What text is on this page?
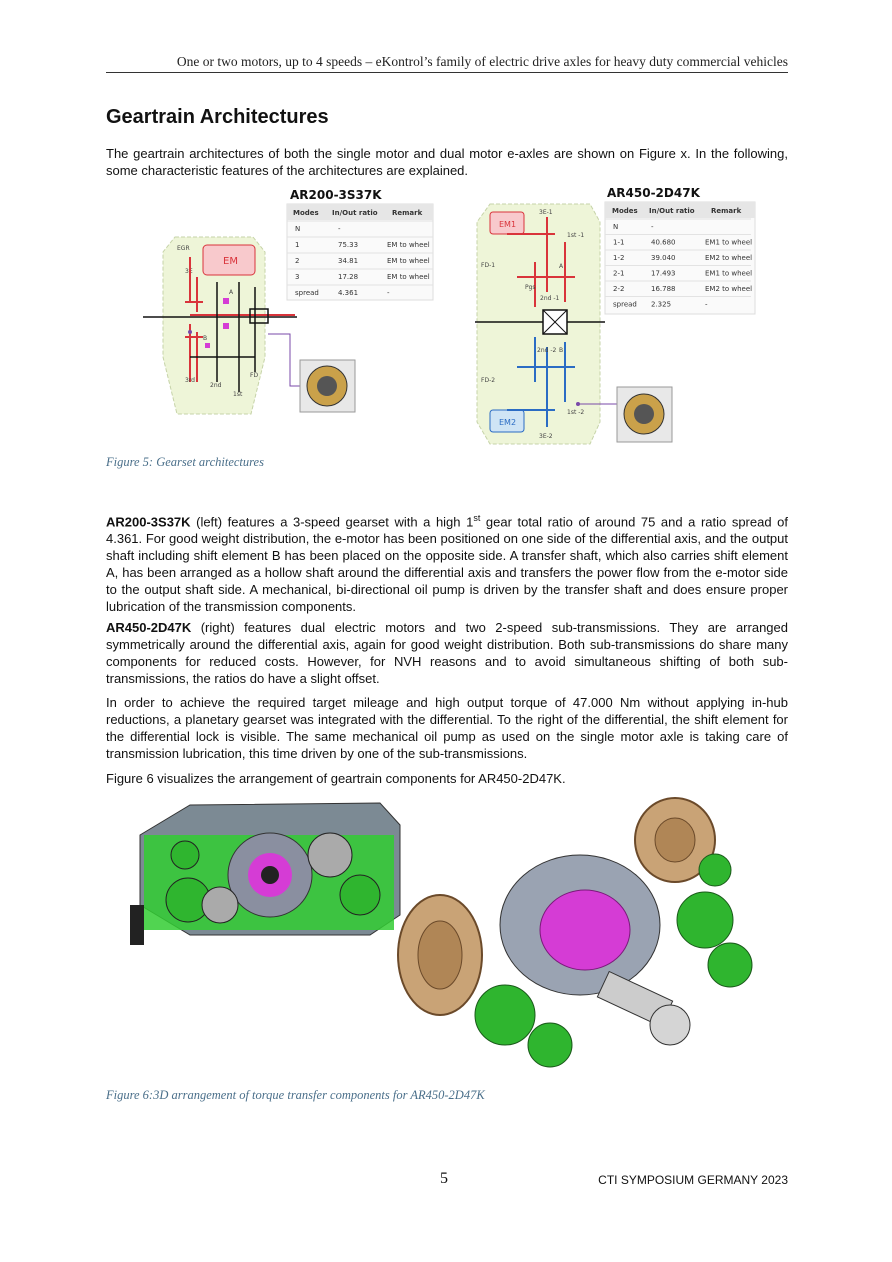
One or two motors, up to 4 speeds – eKontrol’s family of electric drive axles for heavy duty commercial vehicles
Geartrain Architectures

The geartrain architectures of both the single motor and dual motor e-axles are shown on Figure x. In the following, some characteristic features of the architectures are explained.

AR200-3S37K
Modes In/Out ratio Remark
N	-
1	75.33	EM to wheel
2	34.81	EM to wheel
3	17.28	EM to wheel
spread	4.361	-
EM
EGR
3E
3rd
2nd
1st
FD
A
B
AR450-2D47K
Modes In/Out ratio Remark
N	-
1-1	40.680	EM1 to wheel
1-2	39.040	EM2 to wheel
2-1	17.493	EM1 to wheel
2-2	16.788	EM2 to wheel
spread 2.325	-
EM1
EM2
3E-1
1st -1
FD-1
Pgs
2nd -1
2nd -2
FD-2
1st -2
3E-2
A
B
Figure 5: Gearset architectures

AR200-3S37K (left) features a 3-speed gearset with a high 1st gear total ratio of around 75 and a ratio spread of 4.361. For good weight distribution, the e-motor has been positioned on one side of the differential axis, and the output shaft including shift element B has been placed on the opposite side. A transfer shaft, which also carries shift element A, has been arranged as a hollow shaft around the differential axis and transfers the power flow from the e-motor side to the output shaft side. A mechanical, bi-directional oil pump is driven by the transfer shaft and does ensure proper lubrication of the transmission components.

AR450-2D47K (right) features dual electric motors and two 2-speed sub-transmissions. They are arranged symmetrically around the differential axis, again for good weight distribution. Both sub-transmissions do share many components for reduced costs. However, for NVH reasons and to avoid simultaneous shifting of both sub-transmissions, the ratios do have a slight offset.

In order to achieve the required target mileage and high output torque of 47.000 Nm without applying in-hub reductions, a planetary gearset was integrated with the differential. To the right of the differential, the shift element for the differential lock is visible. The same mechanical oil pump as used on the single motor axle is taking care of transmission lubrication, this time driven by one of the sub-transmissions.

Figure 6 visualizes the arrangement of geartrain components for AR450-2D47K.

Figure 6:3D arrangement of torque transfer components for AR450-2D47K
5	CTI SYMPOSIUM GERMANY 2023
